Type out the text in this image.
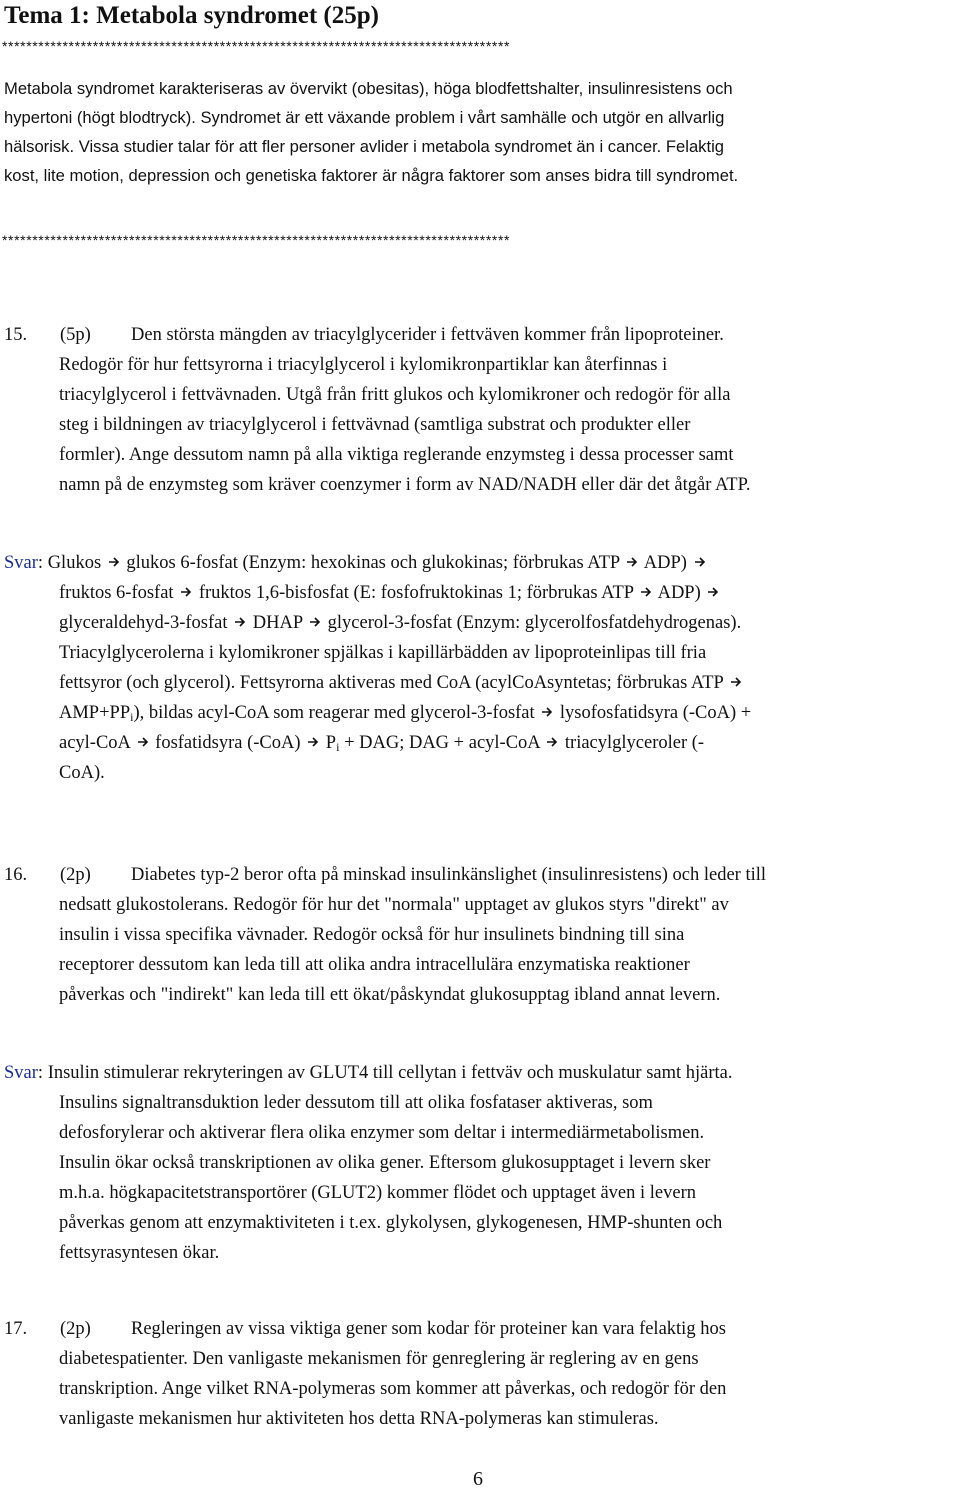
Tema 1: Metabola syndromet (25p)
************************************************************************************
Metabola syndromet karakteriseras av övervikt (obesitas), höga blodfettshalter, insulinresistens och
hypertoni (högt blodtryck). Syndromet är ett växande problem i vårt samhälle och utgör en allvarlig
hälsorisk. Vissa studier talar för att fler personer avlider i metabola syndromet än i cancer. Felaktig
kost, lite motion, depression och genetiska faktorer är några faktorer som anses bidra till syndromet.
************************************************************************************
15. (5p) Den största mängden av triacylglycerider i fettväven kommer från lipoproteiner.
Redogör för hur fettsyrorna i triacylglycerol i kylomikronpartiklar kan återfinnas i
triacylglycerol i fettvävnaden. Utgå från fritt glukos och kylomikroner och redogör för alla
steg i bildningen av triacylglycerol i fettvävnad (samtliga substrat och produkter eller
formler). Ange dessutom namn på alla viktiga reglerande enzymsteg i dessa processer samt
namn på de enzymsteg som kräver coenzymer i form av NAD/NADH eller där det åtgår ATP.
Svar: Glukos glukos 6-fosfat (Enzym: hexokinas och glukokinas; förbrukas ATP ADP)
fruktos 6-fosfat fruktos 1,6-bisfosfat (E: fosfofruktokinas 1; förbrukas ATP ADP)
glyceraldehyd-3-fosfat DHAP glycerol-3-fosfat (Enzym: glycerolfosfatdehydrogenas).
Triacylglycerolerna i kylomikroner spjälkas i kapillärbädden av lipoproteinlipas till fria
fettsyror (och glycerol). Fettsyrorna aktiveras med CoA (acylCoAsyntetas; förbrukas ATP
$AMP+PP_i$), bildas acyl-CoA som reagerar med glycerol-3-fosfat lysofosfatidsyra (-CoA) +
acyl-CoA fosfatidsyra (-CoA) $P_i$ + DAG; DAG + acyl-CoA triacylglyceroler (-
CoA).
16. (2p) Diabetes typ-2 beror ofta på minskad insulinkänslighet (insulinresistens) och leder till
nedsatt glukostolerans. Redogör för hur det "normala" upptaget av glukos styrs "direkt" av
insulin i vissa specifika vävnader. Redogör också för hur insulinets bindning till sina
receptorer dessutom kan leda till att olika andra intracellulära enzymatiska reaktioner
påverkas och "indirekt" kan leda till ett ökat/påskyndat glukosupptag ibland annat levern.
Svar: Insulin stimulerar rekryteringen av GLUT4 till cellytan i fettväv och muskulatur samt hjärta.
Insulins signaltransduktion leder dessutom till att olika fosfataser aktiveras, som
defosforylerar och aktiverar flera olika enzymer som deltar i intermediärmetabolismen.
Insulin ökar också transkriptionen av olika gener. Eftersom glukosupptaget i levern sker
m.h.a. högkapacitetstransportörer (GLUT2) kommer flödet och upptaget även i levern
påverkas genom att enzymaktiviteten i t.ex. glykolysen, glykogenesen, HMP-shunten och
fettsyrasyntesen ökar.
17. (2p) Regleringen av vissa viktiga gener som kodar för proteiner kan vara felaktig hos
diabetespatienter. Den vanligaste mekanismen för genreglering är reglering av en gens
transkription. Ange vilket RNA-polymeras som kommer att påverkas, och redogör för den
vanligaste mekanismen hur aktiviteten hos detta RNA-polymeras kan stimuleras.
6
